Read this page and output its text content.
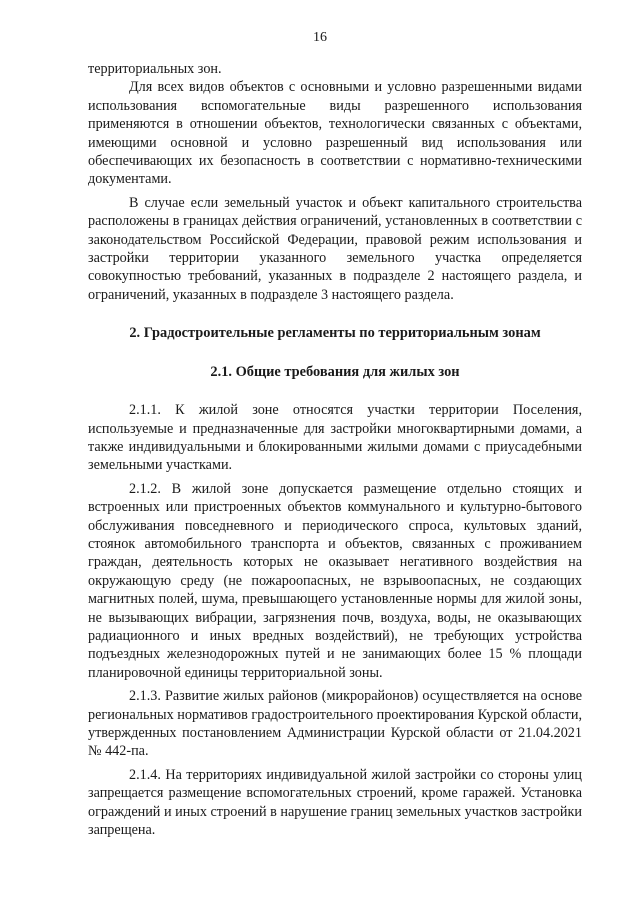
16

территориальных зон.

Для всех видов объектов с основными и условно разрешенными видами использования вспомогательные виды разрешенного использования применяются в отношении объектов, технологически связанных с объектами, имеющими основной и условно разрешенный вид использования или обеспечивающих их безопасность в соответствии с нормативно-техническими документами.

В случае если земельный участок и объект капитального строительства расположены в границах действия ограничений, установленных в соответствии с законодательством Российской Федерации, правовой режим использования и застройки территории указанного земельного участка определяется совокупностью требований, указанных в подразделе 2 настоящего раздела, и ограничений, указанных в подразделе 3 настоящего раздела.

2. Градостроительные регламенты по территориальным зонам

2.1. Общие требования для жилых зон

2.1.1. К жилой зоне относятся участки территории Поселения, используемые и предназначенные для застройки многоквартирными домами, а также индивидуальными и блокированными жилыми домами с приусадебными земельными участками.

2.1.2. В жилой зоне допускается размещение отдельно стоящих и встроенных или пристроенных объектов коммунального и культурно-бытового обслуживания повседневного и периодического спроса, культовых зданий, стоянок автомобильного транспорта и объектов, связанных с проживанием граждан, деятельность которых не оказывает негативного воздействия на окружающую среду (не пожароопасных, не взрывоопасных, не создающих магнитных полей, шума, превышающего установленные нормы для жилой зоны, не вызывающих вибрации, загрязнения почв, воздуха, воды, не оказывающих радиационного и иных вредных воздействий), не требующих устройства подъездных железнодорожных путей и не занимающих более 15 % площади планировочной единицы территориальной зоны.

2.1.3. Развитие жилых районов (микрорайонов) осуществляется на основе региональных нормативов градостроительного проектирования Курской области, утвержденных постановлением Администрации Курской области от 21.04.2021 № 442-па.

2.1.4. На территориях индивидуальной жилой застройки со стороны улиц запрещается размещение вспомогательных строений, кроме гаражей. Установка ограждений и иных строений в нарушение границ земельных участков застройки запрещена.
